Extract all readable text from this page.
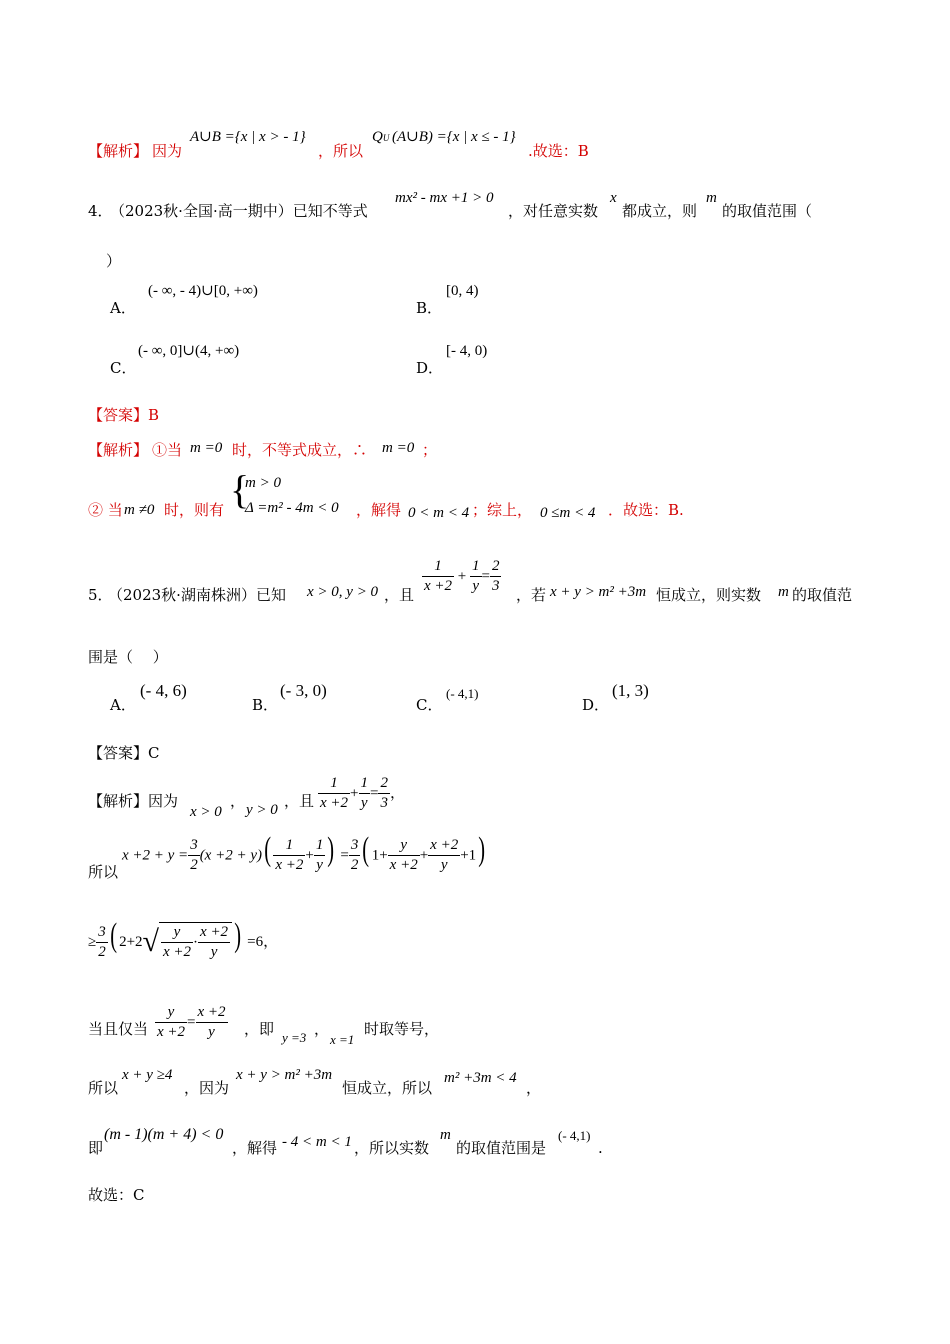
【解析】 因为
A∪B ={x | x > - 1}
，所以
QU (A∪B) ={x | x ≤ - 1}
.故选：B
4．
（2023秋·全国·高一期中）已知不等式
mx² - mx +1 > 0
，对任意实数
x
都成立，则
m
的取值范围（
）
A．
(- ∞, - 4)∪[0, +∞)
B．
[0, 4)
C．
(- ∞, 0]∪(4, +∞)
D．
[- 4, 0)
【答案】B
【解析】 ①当 m =0 时，不等式成立，∴ m =0 ；
② 当 m ≠0 时，则有 {
m > 0
Δ =m² - 4m < 0 ，解得 0 < m < 4 ；综上， 0 ≤m < 4 ．故选：B.
5．
（2023秋·湖南株洲）已知 x > 0, y > 0 ，且 $\frac{1}{x +2} + \frac{1}{y} = \frac{2}{3}$ ，若 x + y > m² +3m 恒成立，则实数 m 的取值范
围是（　 ）
A．
(- 4, 6)
B．
(- 3, 0)
C．
(- 4,1)
D．
(1, 3)
【答案】C
【解析】因为
x > 0
， y > 0 ，且 $\frac{1}{x +2} + \frac{1}{y} = \frac{2}{3}$ ，
所以
$x +2 + y = \frac{3}{2} (x +2 + y)( \frac{1}{x +2} + \frac{1}{y}$ ) = $\frac{3}{2}$ ( $1+ \frac{y}{x +2} + \frac{x +2}{y} +1$)
≥ $\frac{3}{2}$ ( $2+2√ \frac{y}{x +2} \cdot \frac{x +2}{y}$ ) =6，
当且仅当 $\frac{y}{x +2} = \frac{x +2}{y}$ ，即 y =3 ，
x =1
时取等号，
所以
x + y ≥4
，因为
x + y > m² +3m
恒成立，所以
m² +3m < 4
，
即
(m - 1)(m + 4) < 0
，解得 - 4 < m < 1 ，所以实数
m
的取值范围是
(- 4,1)
.
故选：C
